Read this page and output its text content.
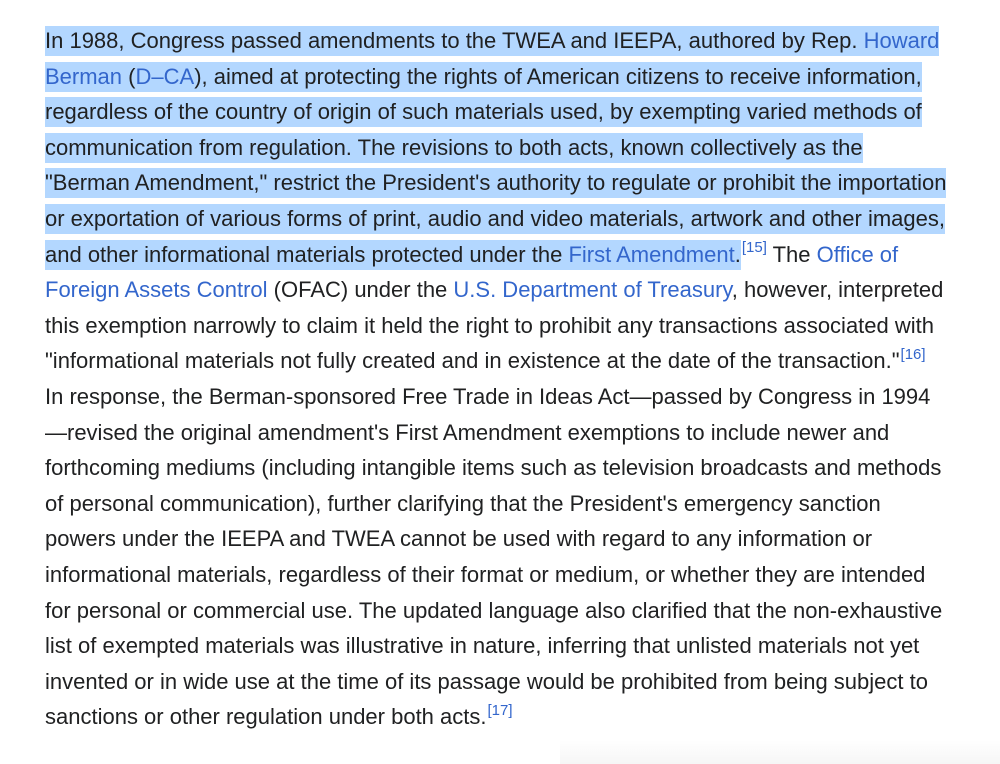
In 1988, Congress passed amendments to the TWEA and IEEPA, authored by Rep. Howard
Berman (D–CA), aimed at protecting the rights of American citizens to receive information,
regardless of the country of origin of such materials used, by exempting varied methods of
communication from regulation. The revisions to both acts, known collectively as the
"Berman Amendment," restrict the President's authority to regulate or prohibit the importation
or exportation of various forms of print, audio and video materials, artwork and other images,
and other informational materials protected under the First Amendment.[15] The Office of
Foreign Assets Control (OFAC) under the U.S. Department of Treasury, however, interpreted
this exemption narrowly to claim it held the right to prohibit any transactions associated with
"informational materials not fully created and in existence at the date of the transaction."[16]
In response, the Berman-sponsored Free Trade in Ideas Act—passed by Congress in 1994
—revised the original amendment's First Amendment exemptions to include newer and
forthcoming mediums (including intangible items such as television broadcasts and methods
of personal communication), further clarifying that the President's emergency sanction
powers under the IEEPA and TWEA cannot be used with regard to any information or
informational materials, regardless of their format or medium, or whether they are intended
for personal or commercial use. The updated language also clarified that the non-exhaustive
list of exempted materials was illustrative in nature, inferring that unlisted materials not yet
invented or in wide use at the time of its passage would be prohibited from being subject to
sanctions or other regulation under both acts.[17]
